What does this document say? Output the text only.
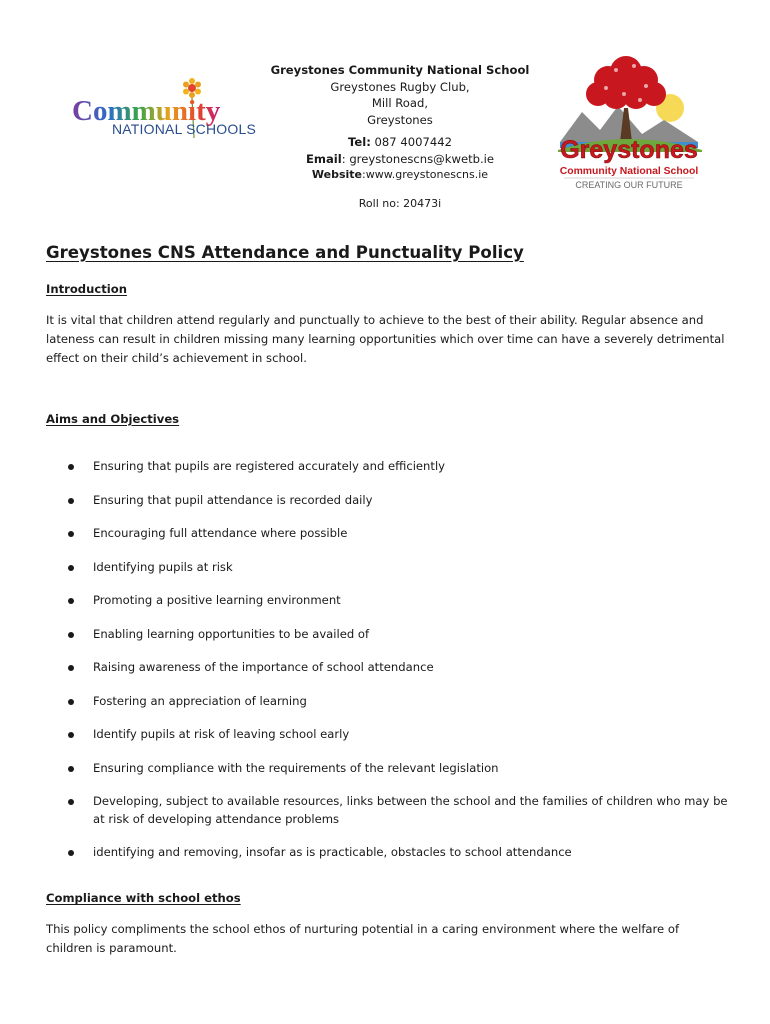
Community
NATIONAL SCHOOLS
Greystones Community National School
Greystones Rugby Club,
Mill Road,
Greystones
Tel: 087 4007442
Email: greystonescns@kwetb.ie
Website:www.greystonescns.ie
Roll no: 20473i
Greystones
Community National School
CREATING OUR FUTURE
Greystones CNS Attendance and Punctuality Policy
Introduction
It is vital that children attend regularly and punctually to achieve to the best of their ability. Regular absence and
lateness can result in children missing many learning opportunities which over time can have a severely detrimental
effect on their child’s achievement in school.
Aims and Objectives
Ensuring that pupils are registered accurately and efficiently
Ensuring that pupil attendance is recorded daily
Encouraging full attendance where possible
Identifying pupils at risk
Promoting a positive learning environment
Enabling learning opportunities to be availed of
Raising awareness of the importance of school attendance
Fostering an appreciation of learning
Identify pupils at risk of leaving school early
Ensuring compliance with the requirements of the relevant legislation
Developing, subject to available resources, links between the school and the families of children who may be at risk of developing attendance problems
identifying and removing, insofar as is practicable, obstacles to school attendance
Compliance with school ethos
This policy compliments the school ethos of nurturing potential in a caring environment where the welfare of
children is paramount.
